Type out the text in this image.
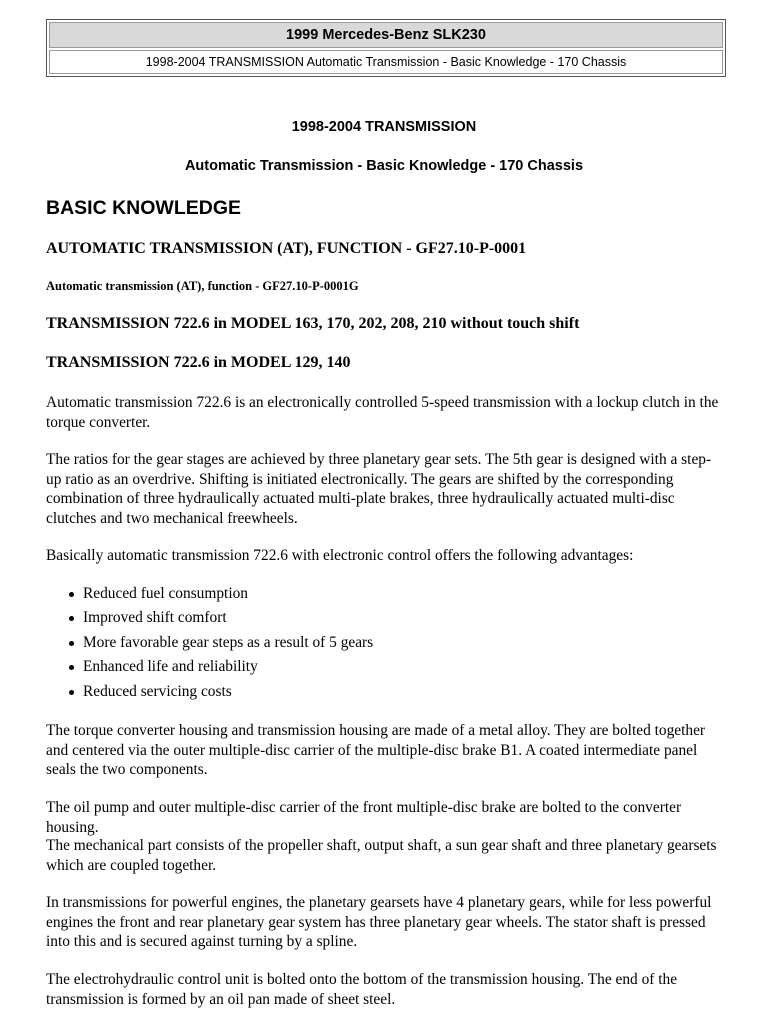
1999 Mercedes-Benz SLK230
1998-2004 TRANSMISSION Automatic Transmission - Basic Knowledge - 170 Chassis

1998-2004 TRANSMISSION

Automatic Transmission - Basic Knowledge - 170 Chassis

BASIC KNOWLEDGE

AUTOMATIC TRANSMISSION (AT), FUNCTION - GF27.10-P-0001

Automatic transmission (AT), function - GF27.10-P-0001G

TRANSMISSION 722.6 in MODEL 163, 170, 202, 208, 210 without touch shift

TRANSMISSION 722.6 in MODEL 129, 140

Automatic transmission 722.6 is an electronically controlled 5-speed transmission with a lockup clutch in the torque converter.

The ratios for the gear stages are achieved by three planetary gear sets. The 5th gear is designed with a step-up ratio as an overdrive. Shifting is initiated electronically. The gears are shifted by the corresponding combination of three hydraulically actuated multi-plate brakes, three hydraulically actuated multi-disc clutches and two mechanical freewheels.

Basically automatic transmission 722.6 with electronic control offers the following advantages:

Reduced fuel consumption
Improved shift comfort
More favorable gear steps as a result of 5 gears
Enhanced life and reliability
Reduced servicing costs

The torque converter housing and transmission housing are made of a metal alloy. They are bolted together and centered via the outer multiple-disc carrier of the multiple-disc brake B1. A coated intermediate panel seals the two components.

The oil pump and outer multiple-disc carrier of the front multiple-disc brake are bolted to the converter housing.

The mechanical part consists of the propeller shaft, output shaft, a sun gear shaft and three planetary gearsets which are coupled together.

In transmissions for powerful engines, the planetary gearsets have 4 planetary gears, while for less powerful engines the front and rear planetary gear system has three planetary gear wheels. The stator shaft is pressed into this and is secured against turning by a spline.

The electrohydraulic control unit is bolted onto the bottom of the transmission housing. The end of the transmission is formed by an oil pan made of sheet steel.
